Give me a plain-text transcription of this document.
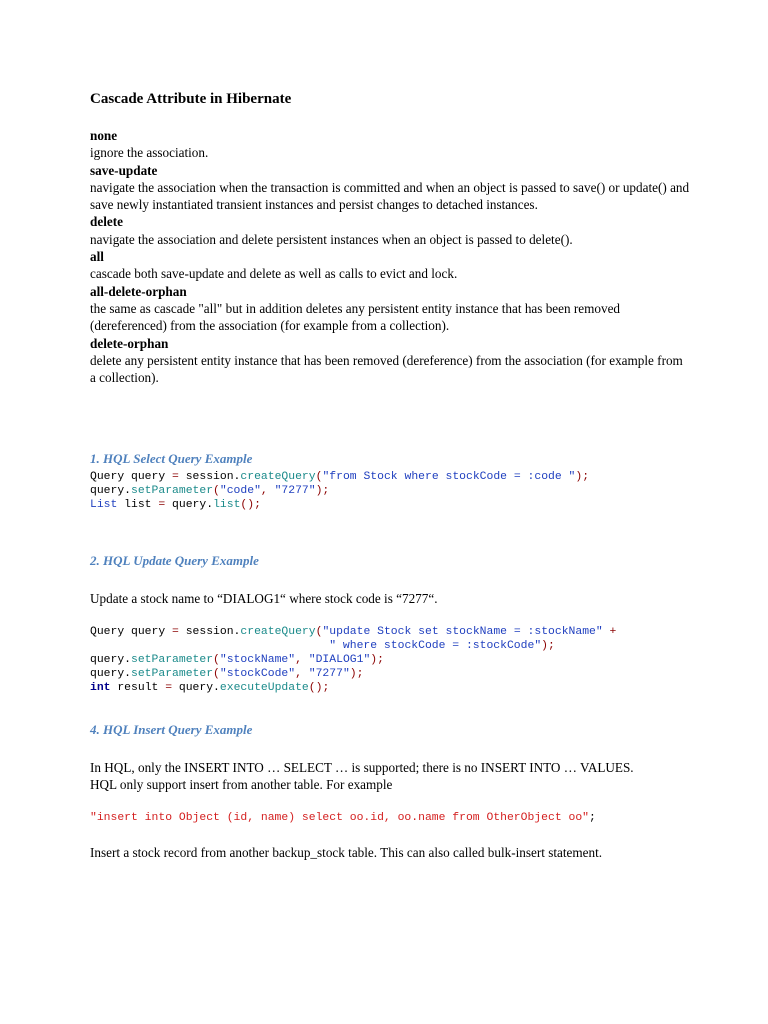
Cascade Attribute in Hibernate
none
ignore the association.
save-update
navigate the association when the transaction is committed and when an object is passed to save() or update() and save newly instantiated transient instances and persist changes to detached instances.
delete
navigate the association and delete persistent instances when an object is passed to delete().
all
cascade both save-update and delete as well as calls to evict and lock.
all-delete-orphan
the same as cascade "all" but in addition deletes any persistent entity instance that has been removed (dereferenced) from the association (for example from a collection).
delete-orphan
delete any persistent entity instance that has been removed (dereference) from the association (for example from a collection).
1. HQL Select Query Example
Query query = session.createQuery("from Stock where stockCode = :code ");
query.setParameter("code", "7277");
List list = query.list();
2. HQL Update Query Example
Update a stock name to “DIALOG1“ where stock code is “7277“.
Query query = session.createQuery("update Stock set stockName = :stockName" +
" where stockCode = :stockCode");
query.setParameter("stockName", "DIALOG1");
query.setParameter("stockCode", "7277");
int result = query.executeUpdate();
4. HQL Insert Query Example
In HQL, only the INSERT INTO … SELECT … is supported; there is no INSERT INTO … VALUES. HQL only support insert from another table. For example
"insert into Object (id, name) select oo.id, oo.name from OtherObject oo";
Insert a stock record from another backup_stock table. This can also called bulk-insert statement.
